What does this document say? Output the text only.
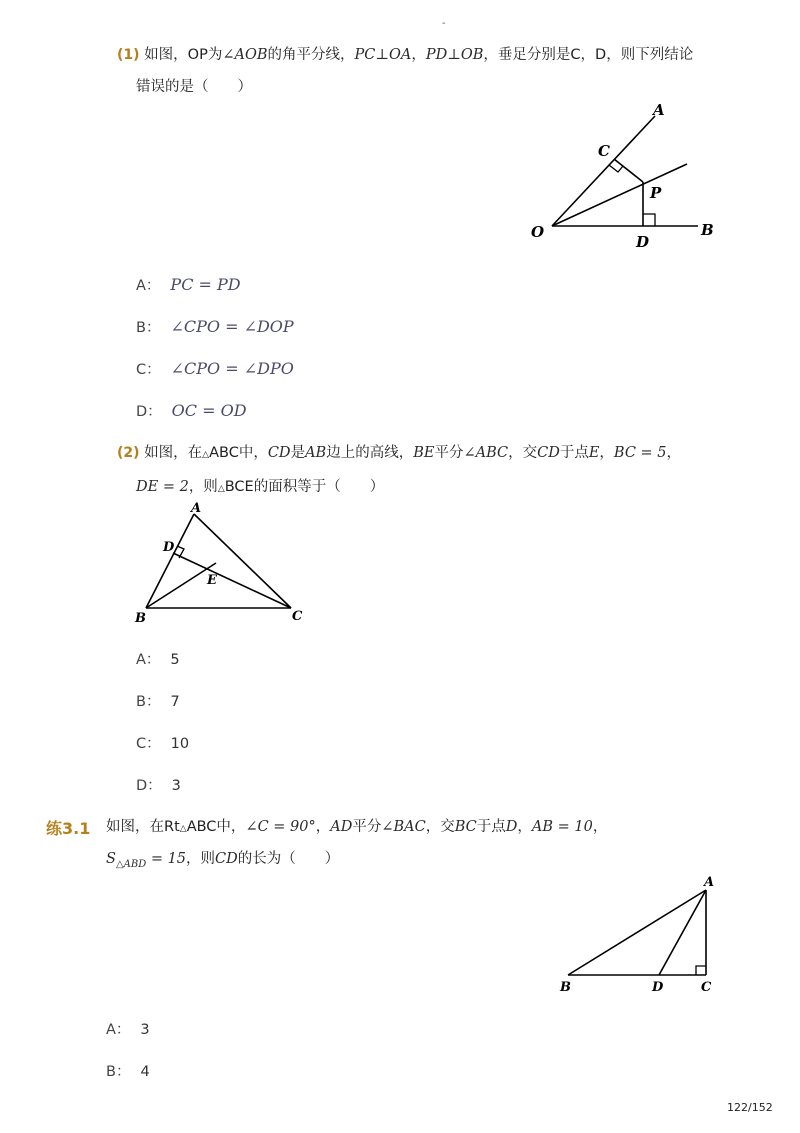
-
(1) 如图，OP为∠AOB的角平分线，PC⊥OA，PD⊥OB，垂足分别是C，D，则下列结论
错误的是（　　）
A
C
P
O
D
B
A： PC = PD
B： ∠CPO = ∠DOP
C： ∠CPO = ∠DPO
D： OC = OD
(2) 如图，在△ABC中，CD是AB边上的高线，BE平分∠ABC，交CD于点E，BC = 5，
DE = 2，则△BCE的面积等于（　　）
A
D
E
B	C
A： 5
B： 7
C： 10
D： 3
练3.1 如图，在Rt△ABC中，∠C = 90°，AD平分∠BAC，交BC于点D，AB = 10，
$S_{\triangle ABD} = 15$，则CD的长为（　　）
A
B	D	C
A： 3
B： 4
122/152
